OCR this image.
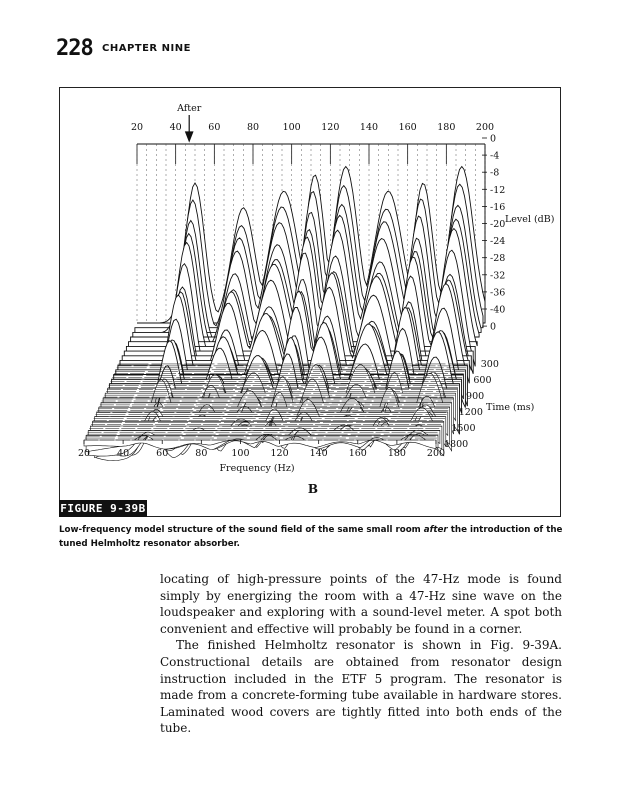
228 CHAPTER NINE
20	40	60	80 100 120 140 160 180 200
0
-4
-8
-12
-16
-20
-24
-28
-32
-36
-40
0
300
600
900
1200
1500
1800
20	40	60	80	100 120 140 160 180 200
After
Level (dB)
Time (ms)
Frequency (Hz)
B
FIGURE 9-39B
Low-frequency model structure of the sound field of the same small room after the introduction of the tuned Helmholtz resonator absorber.

locating of high-pressure points of the 47-Hz mode is found simply by energizing the room with a 47-Hz sine wave on the loudspeaker and exploring with a sound-level meter. A spot both convenient and effective will probably be found in a corner.

The finished Helmholtz resonator is shown in Fig. 9-39A. Constructional details are obtained from resonator design instruction included in the ETF 5 program. The resonator is made from a concrete-forming tube available in hardware stores. Laminated wood covers are tightly fitted into both ends of the tube.
